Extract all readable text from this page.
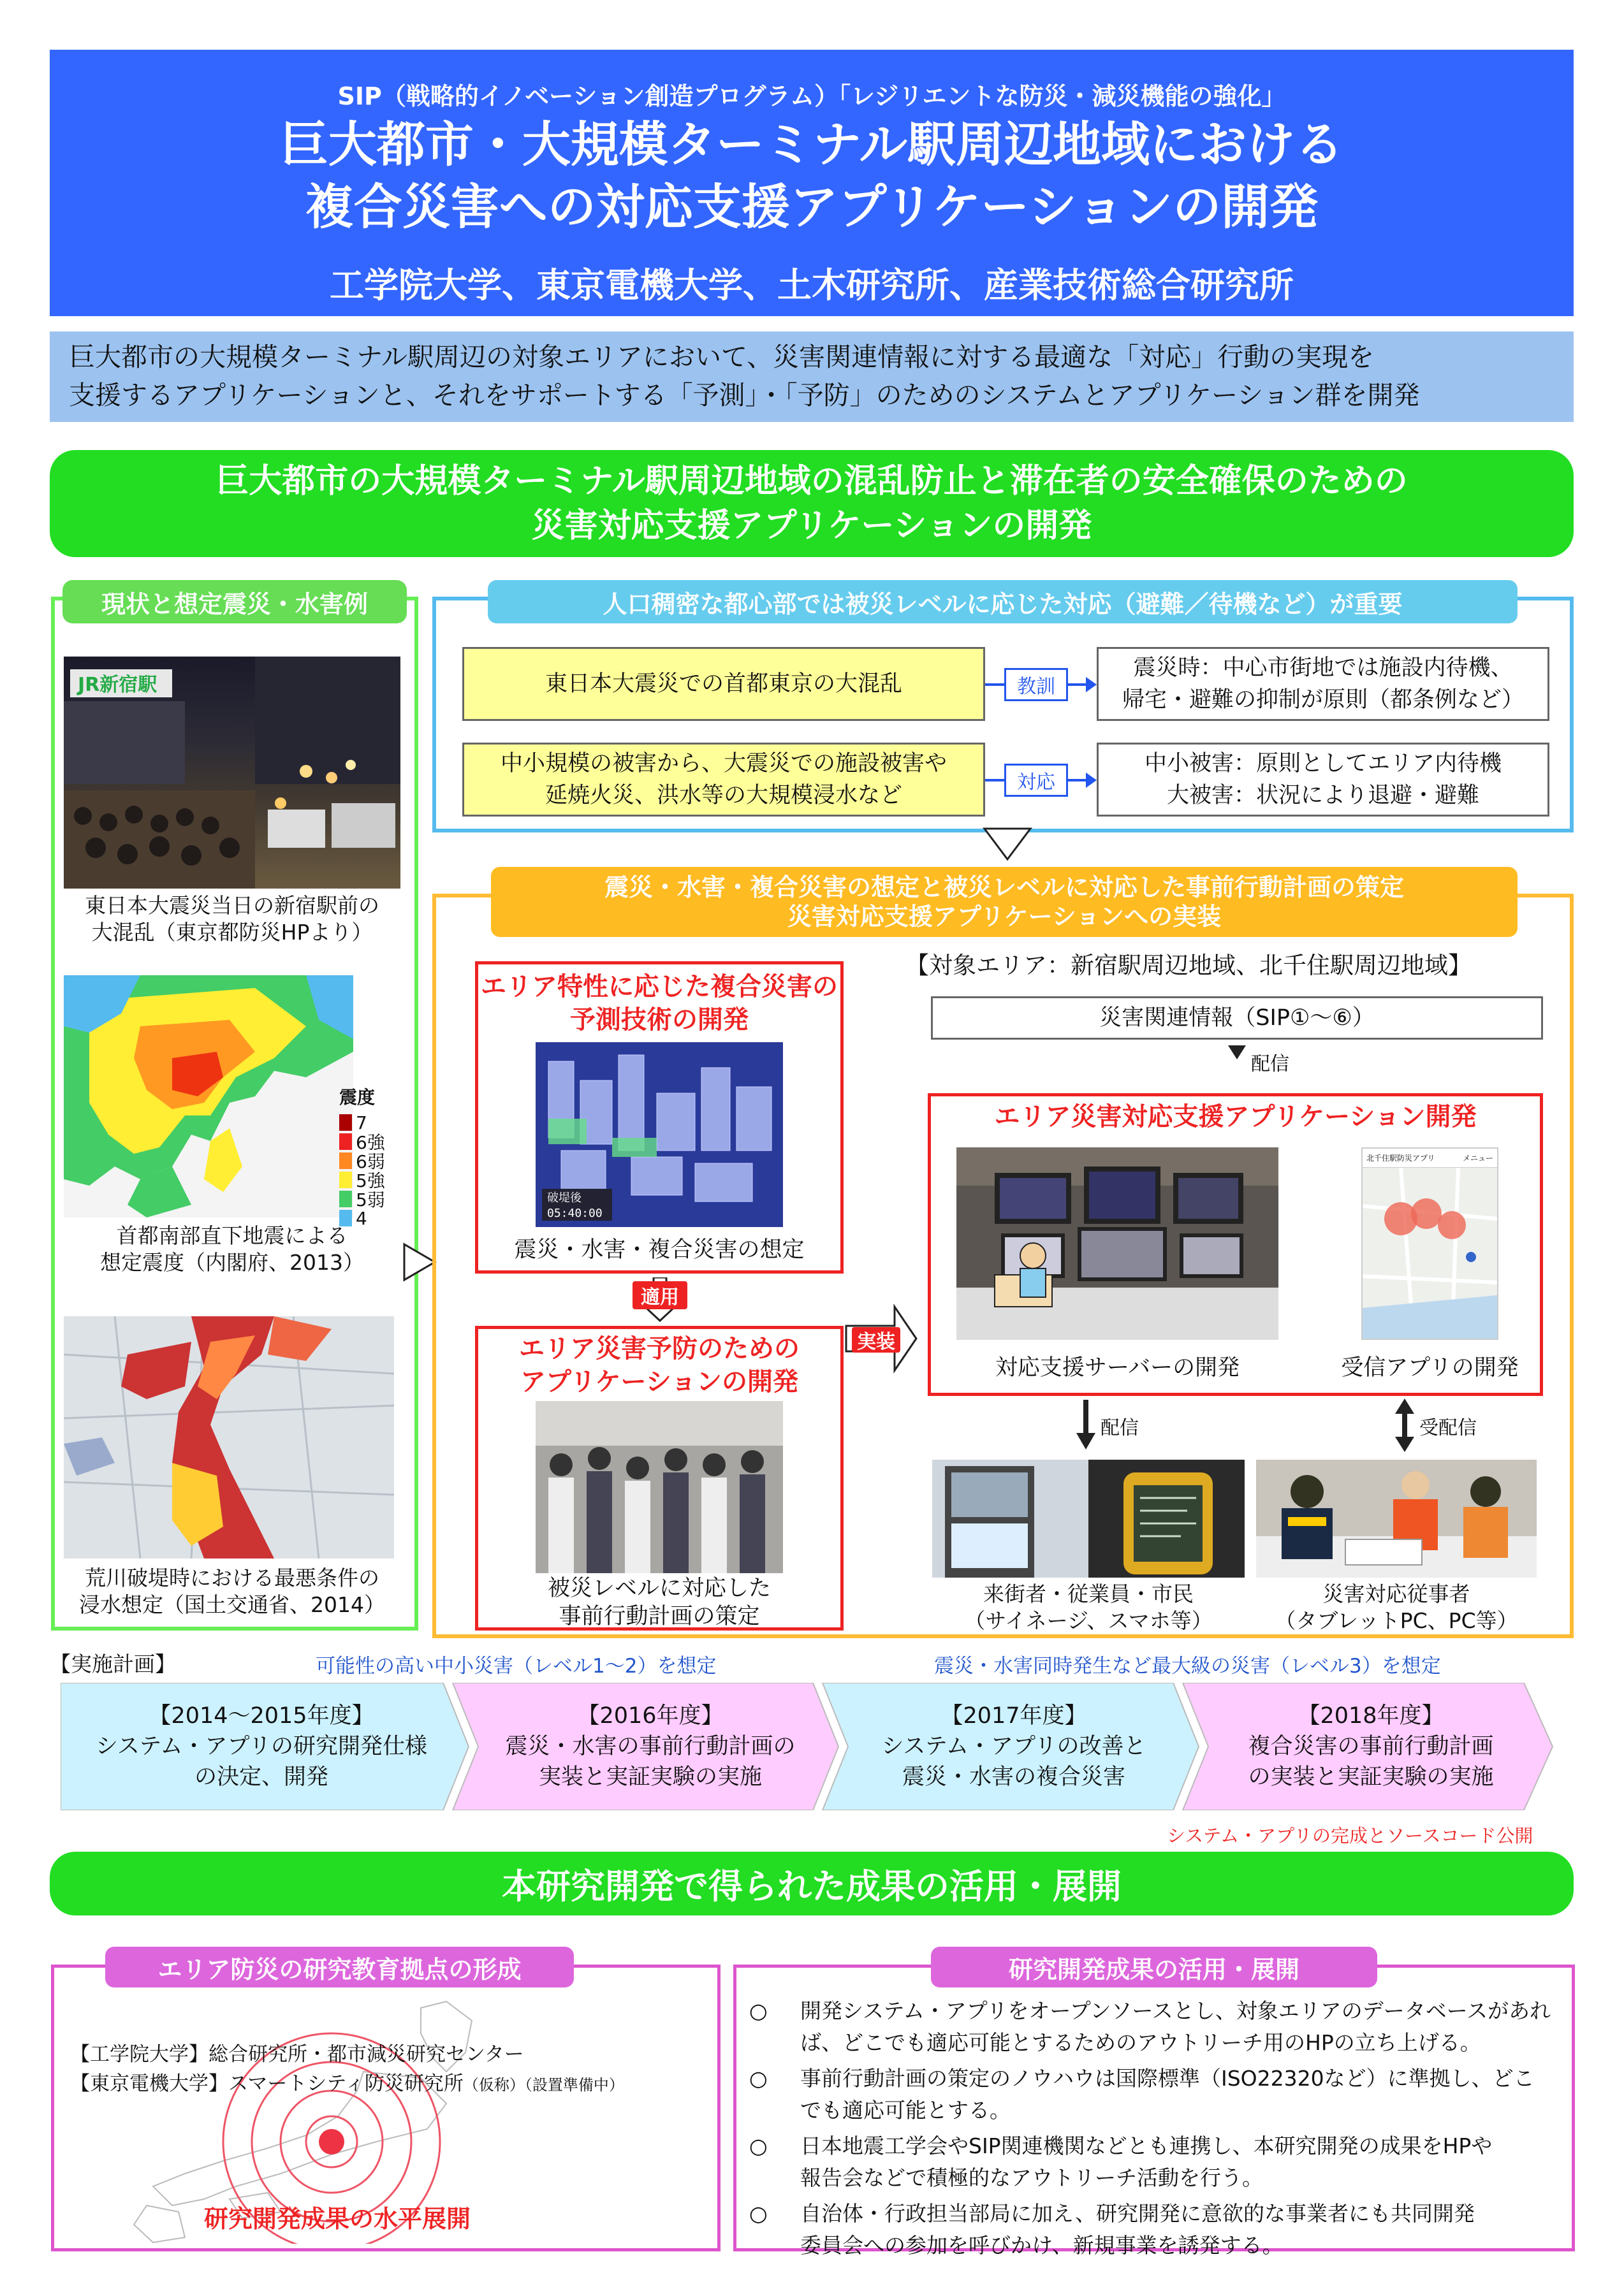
SIP（戦略的イノベーション創造プログラム）「レジリエントな防災・減災機能の強化」
巨大都市・大規模ターミナル駅周辺地域における
複合災害への対応支援アプリケーションの開発
工学院大学、東京電機大学、土木研究所、産業技術総合研究所
巨大都市の大規模ターミナル駅周辺の対象エリアにおいて、災害関連情報に対する最適な「対応」行動の実現を
支援するアプリケーションと、それをサポートする「予測」・「予防」のためのシステムとアプリケーション群を開発
巨大都市の大規模ターミナル駅周辺地域の混乱防止と滞在者の安全確保のための
災害対応支援アプリケーションの開発
現状と想定震災・水害例
JR新宿駅
東日本大震災当日の新宿駅前の
大混乱（東京都防災HPより）
震度
7
6強
6弱
5強
5弱
4
首都南部直下地震による
想定震度（内閣府、2013）
荒川破堤時における最悪条件の
浸水想定（国土交通省、2014）
人口稠密な都心部では被災レベルに応じた対応（避難／待機など）が重要
東日本大震災での首都東京の大混乱	教訓
震災時：中心市街地では施設内待機、
帰宅・避難の抑制が原則（都条例など）
中小規模の被害から、大震災での施設被害や
延焼火災、洪水等の大規模浸水など
対応
中小被害：原則としてエリア内待機
大被害：状況により退避・避難
震災・水害・複合災害の想定と被災レベルに対応した事前行動計画の策定
災害対応支援アプリケーションへの実装
【対象エリア：新宿駅周辺地域、北千住駅周辺地域】
エリア特性に応じた複合災害の
予測技術の開発
破堤後
05:40:00
震災・水害・複合災害の想定
適用
エリア災害予防のための
アプリケーションの開発
被災レベルに対応した
事前行動計画の策定
実装
災害関連情報（SIP①～⑥）
配信
エリア災害対応支援アプリケーション開発
北千住駅防災アプリ	メニュー
対応支援サーバーの開発	受信アプリの開発
配信	受配信
来街者・従業員・市民
（サイネージ、スマホ等）
災害対応従事者
（タブレットPC、PC等）
【実施計画】	可能性の高い中小災害（レベル1～2）を想定	震災・水害同時発生など最大級の災害（レベル3）を想定
【2014～2015年度】
システム・アプリの研究開発仕様
の決定、開発
【2016年度】
震災・水害の事前行動計画の
実装と実証実験の実施
【2017年度】
システム・アプリの改善と
震災・水害の複合災害
【2018年度】
複合災害の事前行動計画
の実装と実証実験の実施
システム・アプリの完成とソースコード公開
本研究開発で得られた成果の活用・展開
エリア防災の研究教育拠点の形成
【工学院大学】総合研究所・都市減災研究センター
【東京電機大学】スマートシティ防災研究所（仮称）（設置準備中）
研究開発成果の水平展開
研究開発成果の活用・展開
○	開発システム・アプリをオープンソースとし、対象エリアのデータベースがあれ
ば、どこでも適応可能とするためのアウトリーチ用のHPの立ち上げる。
○	事前行動計画の策定のノウハウは国際標準（ISO22320など）に準拠し、どこ
でも適応可能とする。
○	日本地震工学会やSIP関連機関などとも連携し、本研究開発の成果をHPや
報告会などで積極的なアウトリーチ活動を行う。
○	自治体・行政担当部局に加え、研究開発に意欲的な事業者にも共同開発
委員会への参加を呼びかけ、新規事業を誘発する。
